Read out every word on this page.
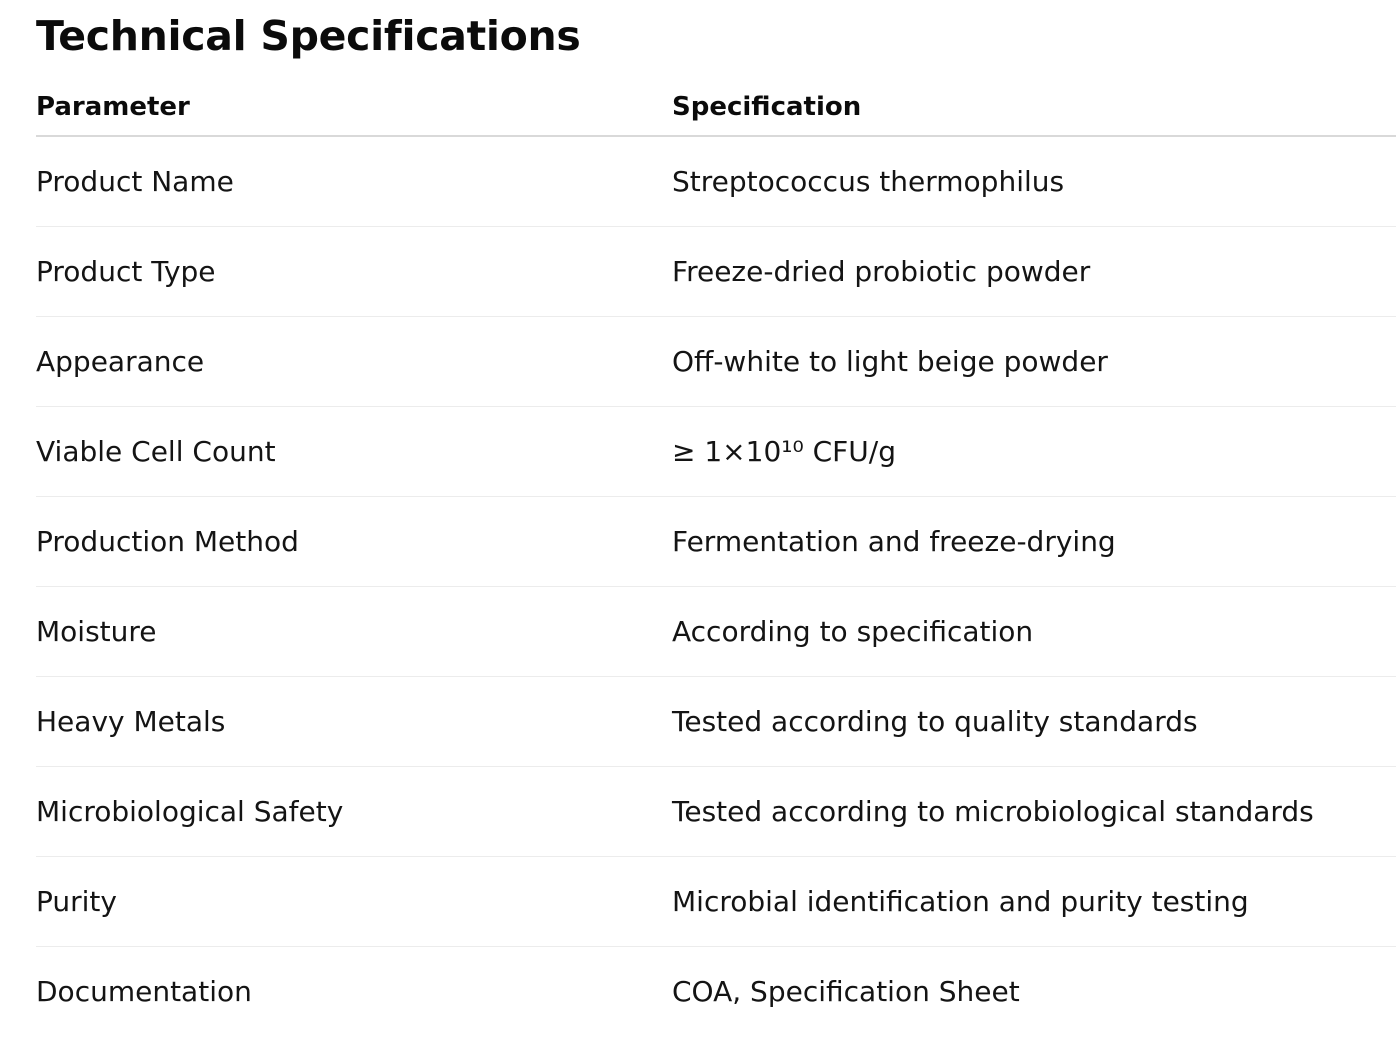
Technical Specifications
Parameter	Specification
Product Name	Streptococcus thermophilus
Product Type	Freeze-dried probiotic powder
Appearance	Off-white to light beige powder
Viable Cell Count	≥ 1×10¹⁰ CFU/g
Production Method	Fermentation and freeze-drying
Moisture	According to specification
Heavy Metals	Tested according to quality standards
Microbiological Safety	Tested according to microbiological standards
Purity	Microbial identification and purity testing
Documentation	COA, Specification Sheet
